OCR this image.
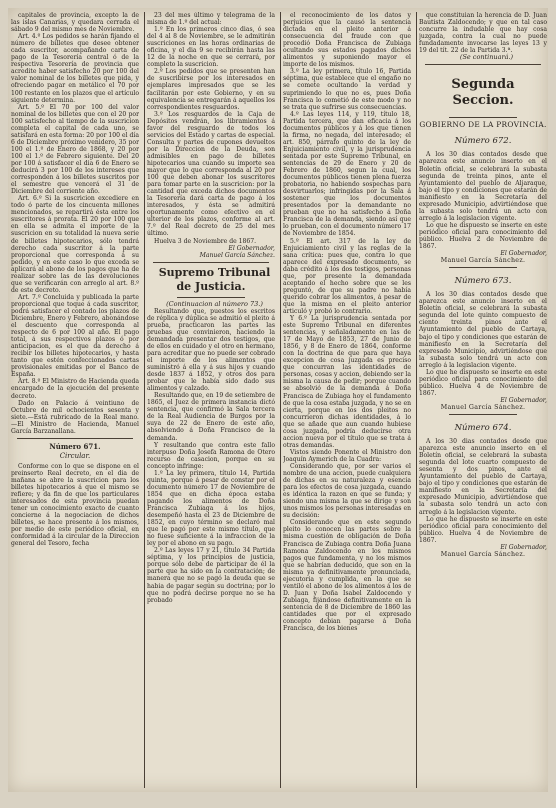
capitales de provincia, excepto la de las islas Canarias, y quedara cerrada el sábado 9 del mismo mes de Noviembre.

Art. 4.º Los pedidos se harán fijando el número de billetes que desee obtener cada suscritor, acompañando carta de pago de la Tesorería central ó de la respectiva Tesorería de provincia que acredite haber satisfecho 20 por 100 del valor nominal de los billetes que pida, y ofreciendo pagar en metálico el 70 por 100 restante en los plazos que el artículo siguiente determina.

Art. 5.º El 70 por 100 del valor nominal de los billetes que con el 20 por 100 satisfecho al tiempo de la suscricion completa el capital de cada uno, se satisfará en esta forma: 20 por 100 el día 6 de Diciembre próximo venidero, 35 por 100 el 1.º de Enero de 1868, y 20 por 100 el 1.º de Febrero siguiente. Del 20 por 100 á satisfacer el dia 6 de Enero se deducirá 3 por 100 de los intereses que corresponden á los billetes suscritos por el semestre que vencerá el 31 de Diciembre del corriente año.

Art. 6.º Si la suscricion excediere en todo ó parte de los cincuenta millones mencionados, se repartirá ésta entre los suscritores á prorata. El 20 por 100 que en ella se admita el importe de la suscricion en su totalidad la nueva serie de billetes hipotecarios, sólo tendrá derecho cada suscritor á la parte proporcional que corresponda á su pedido, y en este caso lo que exceda se aplicará al abono de los pagos que ha de realizar sobre las de las devoluciones que se verificarán con arreglo al art. 8.º de este decreto.

Art. 7.º Concluida y publicada la parte proporcional que toque á cada suscritor, podrá satisfacer el contado los plazos de Diciembre, Enero y Febrero, abonándose el descuento que corresponda al respecto de 6 por 100 al año. El pago total, á sus respectivos plazos ó por anticipacion, es el que da derecho á recibir los billetes hipotecarios, y hasta tanto que estén confeccionados cartas provisionales emitidas por el Banco de España.

Art. 8.º El Ministro de Hacienda queda encargado de la ejecución del presente decreto.

Dado en Palacio á veintiuno de Octubre de mil ochocientos sesenta y siete.—Está rubricado de la Real mano.—El Ministro de Hacienda, Manuel García Barzanallana.

Número 671.

Circular.

Conforme con lo que se dispone en el preinserto Real decreto, en el dia de mañana se abre la suscricion para los billetes hipotecarios á que el mismo se refiere; y da fin de que los particulares interesados de esta provincia puedan tener un conocimiento exacto de cuanto concierne á la negociacion de dichos billetes, se hace presente á los mismos, por medio de este periódico oficial, en conformidad á la circular de la Direccion general del Tesoro, fecha

23 del mes último y telegrama de la misma de 1.º del actual:

1.º En los primeros cinco dias, ó sea del 4 al 8 de Noviembre, se le admitirán suscriciones en las horas ordinarias de oficina, y el dia 9 se recibirán hasta las 12 de la noche en que se cerrará, por completo la suscricion.

2.º Los pedidos que se presenten han de suscribirse por los interesados en ejemplares impresados que se les facilitarán por este Gobierno, y en su equivalencia se entregarán á aquellos los correspondientes resguardos.

3.º Los resguardos de la Caja de Depósitos vendrán, los libramientos á favor del resguardo de todos los servicios del Estado y cartas de especial. Consulta y partes de cupones devueltos por la Direccion de la Deuda, son admisibles en pago de billetes hipotecarios una cuando su importe sea mayor que lo que corresponda al 20 por 100 que deben abonar los suscritores para tomar parte en la suscricion: por la cantidad que exceda dichos documentos la Tesorería dará carta de pago á los interesados, y ésta se admitirá oportunamente como efectivo en el ulterior de los plazos, conforme al art. 7.º del Real decreto de 25 del mes último.

Huelva 3 de Noviembre de 1867.

El Gobernador,

Manuel García Sánchez.

Supremo Tribunal de Justicia.

(Continuacion al número 73.)

Resultando que, puestos los escritos de réplica y dúplica se admitió el pleito á prueba, practicaron las partes las pruebas que convinieron, haciendo la demandada presentar dos testigos, que de ellos en cuidado y el otro en hermano, para acreditar que no puede ser cobrado el importe de los alimentos que suministró á ella y á sus hijos y cuando desde 1837 á 1852, y otros dos para probar que le había sido dado sus alimentos y calzado.

Resultando que, en 19 de setiembre de 1865, el Juez de primera instancia dictó sentencia, que confirmó la Sala tercera de la Real Audiencia de Burgos por la suya de 22 de Enero de este año, absolviendo á Doña Francisco de la demanda.

Y resultando que contra este fallo interpuso Doña Josefa Ramona de Otero recurso de casacion, porque en su concepto infringe:

1.º La ley primera, título 14, Partida quinta, porque á pesar de constar por el documento número 17 de Noviembre de 1854 que en dicha época estaba pagando los alimentos de Doña Francisca Zubiaga á los hijos, desempeñó hasta el 23 de Diciembre de 1852, en cuyo término se declaró mal que le pagó por este mismo título, que no fuese suficiente á la infraccion de la ley por el abono en su pago.

2.º Las leyes 17 y 21, título 34 Partida séptima, y los principios de justicia, porque sólo debe de participar de él la parte que ha sido en la contratación; de manera que no se pagó la deuda que se habia de pagar según su doctrina; por lo que no podrá decirse porque no se ha probado

el reconocimiento de los datos y perjuicios que la causó la sentencia dictada en el pleito anterior á consecuencia del fraude con que procedió Doña Francisca de Zubiaga ocultando sus estados pagados dichos alimentos y suponiendo mayor el importe de los mismos.

3.º La ley primera, título 16, Partida séptima, que establece que el engaño no se comete ocultando la verdad y suprimiendo lo que no es, pues Doña Francisca lo cometió de este modo y no se trata que sufrirse sus consecuencias.

4.º Las leyes 114, y 119, título 18, Partida tercera, que dan eficacia á los documentos públicos y á los que tienen la firma, no negada, del interesado; el art. 850, párrafo quinto de la ley de Enjuiciamiento civil, y la jurisprudencia sentada por este Supremo Tribunal, en sentencias de 29 de Enero y 20 de Febrero de 1860, segun la cual, los documentos públicos tienen plena fuerza probatoria, no habiendo sospechas para desvirtuarlos; infringidas por la Sala á sostener que los documentos presentados por la demandante no prueban que no ha satisfecho á Doña Francisca de la demanda, siendo así que lo prueban, con el documento número 17 de Noviembre de 1854.

5.º El art. 317 de la ley de Enjuiciamiento civil y las reglas de la sana crítica: pues que, contra lo que aparece del expresado documento, se daba crédito á los dos testigos, personas que, por presente la demandada aceptando el hecho sobre que se les preguntó, de que su padre no había querido cobrar los alimentos, á pesar de que la misma en el pleito anterior articuló y probó lo contrario.

Y 6.º La jurisprudencia sentada por este Supremo Tribunal en diferentes sentencias, y señaladamente en las de 17 de Mayo de 1853, 27 de Junio de 1856, y 8 de Enero de 1864, conforme con la doctrina de que para que haya excepcion de cosa juzgada es preciso que concurran las identidades de personas, cosas y accion, debiendo ser la misma la causa de pedir; porque cuando se absolvió de la demanda á Doña Francisca de Zubiaga hoy el fundamento de que la cosa estaba juzgada, y no se en cierta, porque en los dos pleitos no concurrieron dichas identidades, á lo que se añade que aun cuando hubiese cosa juzgada, podría deducirse otra accion nueva por el título que se trata á otras demandas.

Vistos siendo Ponente el Ministro don Joaquín Aymerich de la Cuadra:

Considerando que, por ser varios el nombre de una accion, puede cualquiera de dichas en su naturaleza y esencia para los efectos de cosa juzgada, cuando es idéntica la razon en que se funda; y siendo una misma la que se dirige y son unos mismos los personas interesadas en su decisión:

Considerando que en este segundo pleito lo conocen las partes sobre la misma cuestión de obligación de Doña Francisca de Zubiaga contra Doña Juana Ramona Zaldocendo en los mismos pagos que fundamenta, y no los mismos que se habrían deducido, que son en la misma ya definitivamente pronunciada, ejecutoria y cumplida, en la que se ventiló el abono de los alimentos á los de D. Juan y Doña Isabel Zaldocendo y Zubiaga, fijándose definitivamente en la sentencia de 8 de Diciembre de 1860 las cantidades que por el expresado concepto debian pagarse á Doña Francisca, de los bienes

que constituian la herencia de D. Juan Bautista Zaldocendo; y que en tal caso concurre la indudable que hay cosa juzgada, contra la cual no puede fundadamente invocarse las leyes 13 y 19 del tít. 22 de la Partida 3.ª.

(Se continuará.)

Segunda Seccion.
GOBIERNO DE LA PROVINCIA.
Número 672.

A los 30 dias contados desde que aparezca este anuncio inserto en el Boletín oficial, se celebrará la subasta segunda de treinta pinos, ante el Ayuntamiento del pueblo de Aljaraque, bajo el tipo y condiciones que estarán de manifiesto en la Secretaría del expresado Municipio, advirtiéndose que la subasta solo tendrá un acto con arreglo á la legislacion vigente.

Lo que he dispuesto se inserte en este periódico oficial para conocimiento del público. Huelva 2 de Noviembre de 1867.

El Gobernador,

Manuel García Sánchez.

Número 673.

A los 30 dias contados desde que aparezca este anuncio inserto en el Boletín oficial, se celebrará la subasta segunda del lote quinto compuesto de ciento treinta pinos ante el Ayuntamiento del pueblo de Cartaya, bajo el tipo y condiciones que estarán de manifiesto en la Secretaría del expresado Municipio, advirtiéndose que la subasta solo tendrá un acto con arreglo á la legislacion vigente.

Lo que he dispuesto se inserte en este periódico oficial para conocimiento del público. Huelva 4 de Noviembre de 1867.

El Gobernador,

Manuel García Sánchez.

Número 674.

A los 30 dias contados desde que aparezca este anuncio inserto en el Boletín oficial, se celebrará la subasta segunda del lote cuarto compuesto de sesenta y dos pinos, ante el Ayuntamiento del pueblo de Cartaya, bajo el tipo y condiciones que estarán de manifiesto en la Secretaría del expresado Municipio, advirtiéndose que la subasta solo tendrá un acto con arreglo á la legislacion vigente.

Lo que he dispuesto se inserte en este periódico oficial para conocimiento del público. Huelva 4 de Noviembre de 1867.

El Gobernador,

Manuel García Sánchez.
